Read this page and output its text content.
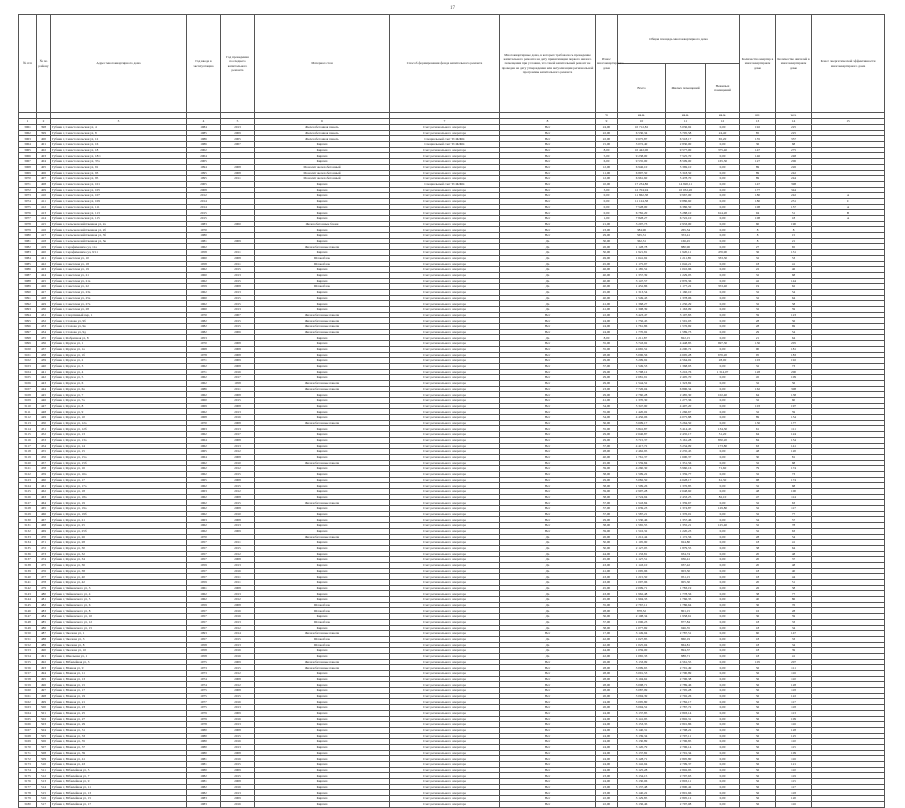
17
№ п/п	№ по району	Адрес многоквартирного дома	Год ввода в эксплуатацию	Год проведения последнего капитального ремонта	Материал стен	Способ формирования фонда капитального ремонта	Многоквартирные дома, в которых требовалось проведение капитального ремонта на дату приватизации первого жилого помещения при условии, что такой капитальный ремонт не проведен на дату утверждения или актуализации региональной программы капитального ремонта	Износ многоквартирного дома	Общая площадь многоквартирного дома			Количество квартир в многоквартирном доме	Количество жителей в многоквартирном доме	Класс энергетической эффективности многоквартирного дома
									Всего	Жилых помещений	Нежилых помещений			
								%	кв.м.	кв.м.	кв.м.	шт.	чел.	
1	2	3	4	5	6	7	8	9	10	11	12	13	14	15
3061	398	Губкин г, Севастопольская ул, 4	1984	2013	Железобетонная панель	Счет регионального оператора	Нет	24,00	10 712,82	5 036,92	0,00	192	225	
3062	399	Губкин г, Севастопольская ул, 8	1985	2009	Железобетонная панель	Счет регионального оператора	Нет	22,00	6 530,34	5 705,58	24,40	85	225	
3063	400	Губкин г, Севастопольская ул, 12	1986	2005	Железобетонная панель	Специальный счет ТСЖ/ЖК	Нет	22,00	9 675,87	6 518,17	65,20	135	357	
3064	401	Губкин г, Севастопольская ул, 16	1986	2007	Кирпич	Специальный счет ТСЖ/ЖК	Нет	15,00	3 072,40	2 830,00	0,00	36	68	
3065	402	Губкин г, Севастопольская ул, 18	2002		Кирпич	Счет регионального оператора	Нет	8,00	10 442,00	9 577,00	375,40	147	275	
3066	403	Губкин г, Севастопольская ул, 18/1	2004		Кирпич	Счет регионального оператора	Нет	5,00	9 238,00	7 525,70	0,00	146	248	
3067	404	Губкин г, Севастопольская ул, 37а	2005		Кирпич	Счет регионального оператора	Нет	6,00	9 535,00	8 509,00	165,30	127	206	
3068	405	Губкин г, Севастопольская ул, 91	1994	2008	Монолит железобетонный	Счет регионального оператора	Нет	12,00	6 946,10	5 369,10	0,00	89	226	
3069	406	Губкин г, Севастопольская ул, 93	1995	2008	Монолит железобетонный	Счет регионального оператора	Нет	11,00	6 897,50	5 318,50	0,00	89	242	
3070	407	Губкин г, Севастопольская ул, 95	1995	2011	Монолит железобетонный	Счет регионального оператора	Нет	12,00	6 961,60	5 478,70	0,00	89	244	
3071	408	Губкин г, Севастопольская ул, 101	2005		Кирпич	Специальный счет ТСЖ/ЖК	Нет	10,00	17 234,86	14 820,11	0,00	147	398	
3072	409	Губкин г, Севастопольская ул, 105	2008		Кирпич	Счет регионального оператора	Нет	3,00	12 704,94	10 032,20	0,00	177	344	
3073	410	Губкин г, Севастопольская ул, 107	2012		Кирпич	Счет регионального оператора	Нет	0,00	11 862,38	9 967,00	0,00	180	242	А
3074	411	Губкин г, Севастопольская ул, 109	2014		Кирпич	Счет регионального оператора	Нет	0,00	11 124,58	9 886,60	0,00	180	231	С
3075	412	Губкин г, Севастопольская ул, 111	2014		Кирпич	Счет регионального оператора	Нет	0,00	7 528,00	6 386,50	0,00	108	157	А
3076	413	Губкин г, Севастопольская ул, 113	2015		Кирпич	Счет регионального оператора	Нет	0,00	6 782,20	5 288,10	614,20	94	51	В
3077	414	Губкин г, Севастопольская ул, 115	2015		Кирпич	Счет регионального оператора	Нет	1,00	7 828,27	6 722,10	0,00	108	18	А
3078	415	Губкин г, Сельскохозяйственная ул, 2а	1983	2000	Железобетонные блоки	Счет регионального оператора	Нет	21,00	3 297,73	2 933,00	0,00	60	190	
3079	416	Губкин г, Сельскохозяйственная ул, 2б	1970		Кирпич	Счет регионального оператора	Нет	23,00	384,96	265,54	0,00	8	8	
3080	417	Губкин г, Сельскохозяйственная ул, 3б	1980		Кирпич	Счет регионального оператора	Нет	29,00	565,31	353,41	0,00	8	15	
3081	418	Губкин г, Сельскохозяйственная ул, 3в	1981	2009	Кирпич	Счет регионального оператора	Да	30,00	362,31	166,45	0,00	8	21	
3082	419	Губкин г, Серафимовича ул, 11а	1962		Железобетонные панели	Счет регионального оператора	Да	26,00	1 128,78	880,96	0,00	27	65	
3083	420	Губкин г, Серафимовича ул, 9/11	1958	2011	Кирпич	Счет регионального оператора	Да	50,00	1 921,81	1 920,11	476,90	36	131	
3084	421	Губкин г, Советская ул, 10	1960	2008	Шлакоблок	Счет регионального оператора	Да	49,00	1 641,92	1 211,85	333,30	32	53	
3085	422	Губкин г, Советская ул, 18	1958	2011	Шлакоблок	Счет регионального оператора	Да	45,00	1 175,97	1 042,21	0,00	18	41	
3086	423	Губкин г, Советская ул, 19	1962	2015	Кирпич	Счет регионального оператора	Да	46,00	1 185,52	1 010,96	0,00	22	46	
3087	424	Губкин г, Советская ул, 21	1960	2013	Кирпич	Счет регионального оператора	Да	40,00	1 357,39	1 229,05	0,00	32	68	
3088	425	Губкин г, Советская ул, 21а	1962	2015	Кирпич	Счет регионального оператора	Да	40,00	3 147,57	2 876,36	0,00	42	144	
3089	426	Губкин г, Советская ул, 22	1959	2008	Шлакоблок	Счет регионального оператора	Да	40,00	1 452,86	1 177,22	353,40	19	62	
3090	427	Губкин г, Советская ул, 23а	1962	2013	Кирпич	Счет регионального оператора	Да	45,00	1 313,54	1 160,10	0,00	32	54	
3091	428	Губкин г, Советская ул, 25а	1960	2015	Кирпич	Счет регионального оператора	Да	40,00	1 549,43	1 378,06	0,00	32	64	
3092	429	Губкин г, Советская ул, 27а	1962	2015	Кирпич	Счет регионального оператора	Да	41,00	1 368,27	1 250,29	0,00	32	58	
3093	430	Губкин г, Советская ул, 28	1960	2013	Кирпич	Счет регионального оператора	Да	41,00	1 308,39	1 163,09	0,00	32	59	
3094	431	Губкин г, Спортивный пер, 1	1970	2007	Железобетонные панели	Счет регионального оператора	Нет	22,00	3 423,47	3 107,83	0,00	59	123	
3095	432	Губкин г, Стахова ул, 9б	1982	2015	Железобетонные панели	Счет регионального оператора	Нет	24,00	1 756,45	1 591,03	0,00	28	56	
3096	433	Губкин г, Стахова ул, 9в	1982	2015	Железобетонные панели	Счет регионального оператора	Нет	24,00	1 761,86	1 576,69	0,00	28	69	
3097	434	Губкин г, Стахова ул, 9д	1982	2006	Железобетонные панели	Счет регионального оператора	Нет	24,00	1 770,92	1 589,73	0,00	29	54	
3098	435	Губкин г, Фабричная ул, 8	1953		Кирпич	Счет регионального оператора	Да	8,00	1 211,87	822,15	0,00	21	64	
3099	436	Губкин г, Фрунзе ул, 1	1970	2008	Кирпич	Счет регионального оператора	Нет	35,00	5 743,92	4 448,85	697,30	130	205	
3100	437	Губкин г, Фрунзе ул, 1а	1968	2008	Кирпич	Счет регионального оператора	Нет	35,00	4 665,52	4 200,72	0,00	90	181	
3101	438	Губкин г, Фрунзе ул, 1б	1978	2008	Кирпич	Счет регионального оператора	Нет	28,00	5 096,56	4 695,28	676,20	95	183	
3102	439	Губкин г, Фрунзе ул, 2	1971	2009	Кирпич	Счет регионального оператора	Нет	29,00	5 209,92	4 564,02	28,00	103	192	
3103	440	Губкин г, Фрунзе ул, 3	1962	2008	Кирпич	Счет регионального оператора	Нет	37,00	1 549,53	1 368,93	0,00	32	73	
3104	441	Губкин г, Фрунзе ул, 4	1971	2016	Кирпич	Счет регионального оператора	Нет	29,00	5 798,12	5 216,76	1 314,07	128	200	
3105	442	Губкин г, Фрунзе ул, 5	1962	2017	Кирпич	Счет регионального оператора	Нет	29,00	2 681,91	2 405,70	0,00	45	109	
3106	443	Губкин г, Фрунзе ул, 6	1962	1958	Железобетонные панели	Счет регионального оператора	Нет	29,00	1 544,52	1 323,82	0,00	32	56	
3107	444	Губкин г, Фрунзе ул, 6а	1986	2011	Железобетонные панели	Счет регионального оператора	Нет	23,00	7 726,04	6 896,34	0,00	162	308	
3108	445	Губкин г, Фрунзе ул, 7	1962	2008	Кирпич	Счет регионального оператора	Нет	29,00	2 760,28	2 485,30	102,40	64	138	
3109	446	Губкин г, Фрунзе ул, 7а	1960	2015	Кирпич	Счет регионального оператора	Нет	41,00	1 370,30	1 277,36	0,00	32	60	
3110	447	Губкин г, Фрунзе ул, 8	1969	2008	Кирпич	Счет регионального оператора	Нет	34,00	5 347,90	4 497,20	0,00	103	197	
3111	448	Губкин г, Фрунзе ул, 9	1962	2013	Кирпич	Счет регионального оператора	Нет	35,00	1 420,02	1 266,67	0,00	32	59	
3112	449	Губкин г, Фрунзе ул, 10	1968	2016	Кирпич	Счет регионального оператора	Нет	34,00	4 456,06	4 075,88	0,00	89	154	
3113	450	Губкин г, Фрунзе ул, 12а	1970	2008	Железобетонные панели	Счет регионального оператора	Нет	36,00	3 609,17	3 264,50	0,00	130	177	
3114	451	Губкин г, Фрунзе ул, 12б	1963	2013	Кирпич	Счет регионального оператора	Нет	35,00	3 841,87	3 414,45	134,30	61	111	
3115	452	Губкин г, Фрунзе ул, 13	1962	2017	Кирпич	Счет регионального оператора	Нет	29,00	2 646,87	2 435,17	51,20	64	124	
3116	453	Губкин г, Фрунзе ул, 13а	1964	2008	Кирпич	Счет регионального оператора	Нет	29,00	3 715,37	3 161,28	850,20	84	154	
3117	454	Губкин г, Фрунзе ул, 14	1962	2013	Кирпич	Счет регионального оператора	Нет	37,00	4 417,72	3 234,09	173,80	63	141	
3118	455	Губкин г, Фрунзе ул, 15	1965	2012	Кирпич	Счет регионального оператора	Нет	28,00	2 462,95	2 235,45	0,00	48	120	
3119	456	Губкин г, Фрунзе ул, 15а	1964	2008	Кирпич	Счет регионального оператора	Нет	40,00	1 761,37	1 600,37	0,00	30	81	
3120	457	Губкин г, Фрунзе ул, 15б	1962	2010	Железобетонные панели	Счет регионального оператора	Нет	45,00	1 559,84	1 351,56	0,00	32	68	
3121	458	Губкин г, Фрунзе ул, 16	1962	2012	Кирпич	Счет регионального оператора	Нет	39,00	4 260,30	3 960,16	71,60	79	174	
3122	459	Губкин г, Фрунзе ул, 16а	1962	2015	Кирпич	Счет регионального оператора	Нет	38,00	1 599,22	1 359,77	0,00	32	73	
3123	460	Губкин г, Фрунзе ул, 17	1965	2008	Кирпич	Счет регионального оператора	Нет	29,00	5 082,50	4 628,17	61,30	98	174	
3124	461	Губкин г, Фрунзе ул, 17а	1962	2015	Кирпич	Счет регионального оператора	Нет	38,00	1 509,26	1 376,85	0,00	32	68	
3125	462	Губкин г, Фрунзе ул, 18	1963	2012	Кирпич	Счет регионального оператора	Нет	39,00	2 997,28	2 648,60	0,00	48	100	
3126	463	Губкин г, Фрунзе ул, 18а	1962	2008	Кирпич	Счет регионального оператора	Нет	38,00	2 724,94	2 433,25	82,10	47	114	
3127	464	Губкин г, Фрунзе ул, 19	1962	2015	Железобетонные панели	Счет регионального оператора	Нет	37,00	1 543,84	1 359,67	0,00	32	63	
3128	465	Губкин г, Фрунзе ул, 19а	1962	2008	Кирпич	Счет регионального оператора	Нет	37,00	1 639,23	1 374,87	129,80	32	117	
3129	466	Губкин г, Фрунзе ул, 19б	1962	2010	Кирпич	Счет регионального оператора	Нет	37,00	1 587,21	1 376,01	0,00	32	77	
3130	467	Губкин г, Фрунзе ул, 21	1963	2008	Кирпич	Счет регионального оператора	Нет	29,00	1 530,46	1 357,46	0,00	34	57	
3131	468	Губкин г, Фрунзе ул, 25	1962	2013	Кирпич	Счет регионального оператора	Нет	38,00	1 565,55	1 355,21	125,40	32	78	
3132	469	Губкин г, Фрунзе ул, 25б	1962	2009	Кирпич	Счет регионального оператора	Нет	39,00	1 516,32	1 220,23	0,00	32	63	
3133	470	Губкин г, Фрунзе ул, 26	1970		Железобетонные панели	Счет регионального оператора	Да	26,00	1 212,44	1 172,56	0,00	28	54	
3134	471	Губкин г, Фрунзе ул, 28	1957	2011	Кирпич	Счет регионального оператора	Да	50,00	1 105,90	924,80	0,00	18	41	
3135	472	Губкин г, Фрунзе ул, 30	1957	2015	Кирпич	Счет регионального оператора	Да	50,00	2 127,05	1 879,55	0,00	38	64	
3136	473	Губкин г, Фрунзе ул, 32	1957	2012	Кирпич	Счет регионального оператора	Да	44,00	1 133,81	934,74	0,00	20	48	
3137	474	Губкин г, Фрунзе ул, 34	1957	2008	Кирпич	Счет регионального оператора	Да	45,00	1 127,51	936,41	0,00	20	37	
3138	475	Губкин г, Фрунзе ул, 36	1959	2013	Кирпич	Счет регионального оператора	Да	43,00	1 143,10	937,42	0,00	20	48	
3139	476	Губкин г, Фрунзе ул, 38	1957	2016	Кирпич	Счет регионального оператора	Да	41,00	1 095,96	903,50	0,00	18	40	
3140	477	Губкин г, Фрунзе ул, 40	1957	2011	Кирпич	Счет регионального оператора	Да	43,00	1 215,50	951,15	0,00	18	44	
3141	478	Губкин г, Фрунзе ул, 42	1959	2011	Кирпич	Счет регионального оператора	Да	43,00	1 097,96	905,30	0,00	20	51	
3142	479	Губкин г, Чайковского ул, 3	1961	2008	Кирпич	Счет регионального оператора	Да	45,00	2 009,71	1 783,19	0,00	26	58	
3143	480	Губкин г, Чайковского ул, 4	1962	2013	Кирпич	Счет регионального оператора	Да	43,00	1 962,48	1 778,56	0,00	38	77	
3144	481	Губкин г, Чайковского ул, 5	1962	2012	Кирпич	Счет регионального оператора	Да	45,00	1 994,33	1 766,35	0,00	40	86	
3145	482	Губкин г, Чайковского ул, 6	1959	2008	Шлакоблок	Счет регионального оператора	Да	35,00	2 767,11	1 786,64	0,00	36	76	
3146	483	Губкин г, Чайковского ул, 8	1957	2016	Шлакоблок	Счет регионального оператора	Да	28,00	878,52	801,15	0,00	16	28	
3147	484	Губкин г, Чайковского ул, 10	1957	2016	Кирпич	Счет регионального оператора	Да	36,00	2 108,34	1 958,61	0,00	36	59	
3148	485	Губкин г, Чайковского ул, 12	1957	2013	Шлакоблок	Счет регионального оператора	Да	37,00	1 006,23	877,84	0,00	18	33	
3149	486	Губкин г, Чайковского ул, 15	1957	2012	Кирпич	Счет регионального оператора	Да	38,00	1 077,69	946,35	0,00	18	34	
3150	487	Губкин г, Чкалова ул, 1	1993	2014	Железобетонные панели	Счет регионального оператора	Нет	17,00	3 149,94	2 787,51	0,00	60	147	
3151	488	Губкин г, Чкалова ул, 3	1957	2015	Шлакоблок	Счет регионального оператора	Да	42,00	1 027,85	860,19	0,00	18	33	
3152	489	Губкин г, Чкалова ул, 8	1958	2013	Шлакоблок	Счет регионального оператора	Да	42,00	1 025,04	864,81	0,00	18	34	
3153	490	Губкин г, Чкалова ул, 10	1958	2016	Кирпич	Счет регионального оператора	Да	44,00	1 059,00	894,37	0,00	18	39	
3154	491	Губкин г, Школьная ул, 1	1958	2016	Кирпич	Счет регионального оператора	Да	42,00	1 065,33	888,71	0,00	18	41	
3155	492	Губкин г, Юбилейная ул, 3	1975	2009	Железобетонные панели	Счет регионального оператора	Нет	26,00	5 133,99	4 561,55	0,00	105	207	
3156	493	Губкин г, Южная ул, 9	1973	2015	Железобетонные панели	Счет регионального оператора	Нет	28,00	3 099,65	2 791,49	0,00	56	111	
3157	494	Губкин г, Южная ул, 11	1973	2012	Кирпич	Счет регионального оператора	Нет	28,00	3 091,53	2 790,89	0,00	56	116	
3158	495	Губкин г, Южная ул, 13	1974	2008	Кирпич	Счет регионального оператора	Нет	28,00	3 104,62	2 796,38	0,00	56	110	
3159	496	Губкин г, Южная ул, 15	1974	2012	Кирпич	Счет регионального оператора	Нет	28,00	3 098,71	2 789,46	0,00	56	128	
3160	497	Губкин г, Южная ул, 17	1975	2008	Кирпич	Счет регионального оператора	Нет	28,00	3 087,99	2 795,28	0,00	56	118	
3161	498	Губкин г, Южная ул, 19	1975	2015	Кирпич	Счет регионального оператора	Нет	26,00	3 094,39	2 792,26	0,00	56	122	
3162	499	Губкин г, Южная ул, 21	1977	2016	Кирпич	Счет регионального оператора	Нет	24,00	3 095,80	2 782,17	0,00	56	117	
3163	500	Губкин г, Южная ул, 23	1975	2013	Кирпич	Счет регионального оператора	Нет	26,00	3 094,52	2 787,72	0,00	56	118	
3164	501	Губкин г, Южная ул, 25	1979	2009	Кирпич	Счет регионального оператора	Нет	24,00	3 137,85	2 803,14	0,00	56	113	
3165	502	Губкин г, Южная ул, 27	1979	2016	Кирпич	Счет регионального оператора	Нет	24,00	3 141,95	2 802,31	0,00	56	109	
3166	503	Губкин г, Южная ул, 29	1978	2013	Кирпич	Счет регионального оператора	Нет	24,00	3 153,35	2 801,86	0,00	56	116	
3167	504	Губкин г, Южная ул, 31	1980	2008	Кирпич	Счет регионального оператора	Нет	24,00	3 140,31	2 798,22	0,00	56	128	
3168	505	Губкин г, Южная ул, 33	1980	2015	Кирпич	Счет регионального оператора	Нет	24,00	3 139,34	2 797,11	0,00	56	125	
3169	506	Губкин г, Южная ул, 35	1980	2016	Кирпич	Счет регионального оператора	Нет	24,00	3 130,89	2 796,85	0,00	56	110	
3170	507	Губкин г, Южная ул, 37	1980	2013	Кирпич	Счет регионального оператора	Нет	24,00	3 120,79	2 796,14	0,00	56	115	
3171	508	Губкин г, Южная ул, 39	1980	2008	Кирпич	Счет регионального оператора	Нет	24,00	3 137,82	2 791,34	0,00	56	109	
3172	509	Губкин г, Южная ул, 41	1981	2016	Кирпич	Счет регионального оператора	Нет	24,00	3 128,71	2 805,80	0,00	56	116	
3173	510	Губкин г, Южная ул, 43	1981	2015	Кирпич	Счет регионального оператора	Нет	24,00	3 142,94	2 799,37	0,00	56	121	
3174	511	Губкин г, Юбилейная ул, 5	1980	2009	Кирпич	Счет регионального оператора	Нет	24,00	3 125,28	2 802,95	0,00	56	110	
3175	512	Губкин г, Юбилейная ул, 7	1982	2015	Кирпич	Счет регионального оператора	Нет	23,00	3 134,15	2 797,63	0,00	56	119	
3176	513	Губкин г, Юбилейная ул, 9	1981	2008	Кирпич	Счет регионального оператора	Нет	24,00	3 130,06	2 803,11	0,00	56	115	
3177	514	Губкин г, Юбилейная ул, 11	1982	2016	Кирпич	Счет регионального оператора	Нет	23,00	3 137,48	2 800,42	0,00	56	117	
3178	515	Губкин г, Юбилейная ул, 13	1982	2013	Кирпич	Счет регионального оператора	Нет	23,00	3 140,22	2 801,66	0,00	56	118	
3179	516	Губкин г, Юбилейная ул, 15	1983	2009	Кирпич	Счет регионального оператора	Нет	22,00	3 129,85	2 805,12	0,00	56	120	
3180	517	Губкин г, Юбилейная ул, 17	1983	2016	Кирпич	Счет регионального оператора	Нет	22,00	3 136,46	2 797,08	0,00	56	116	
